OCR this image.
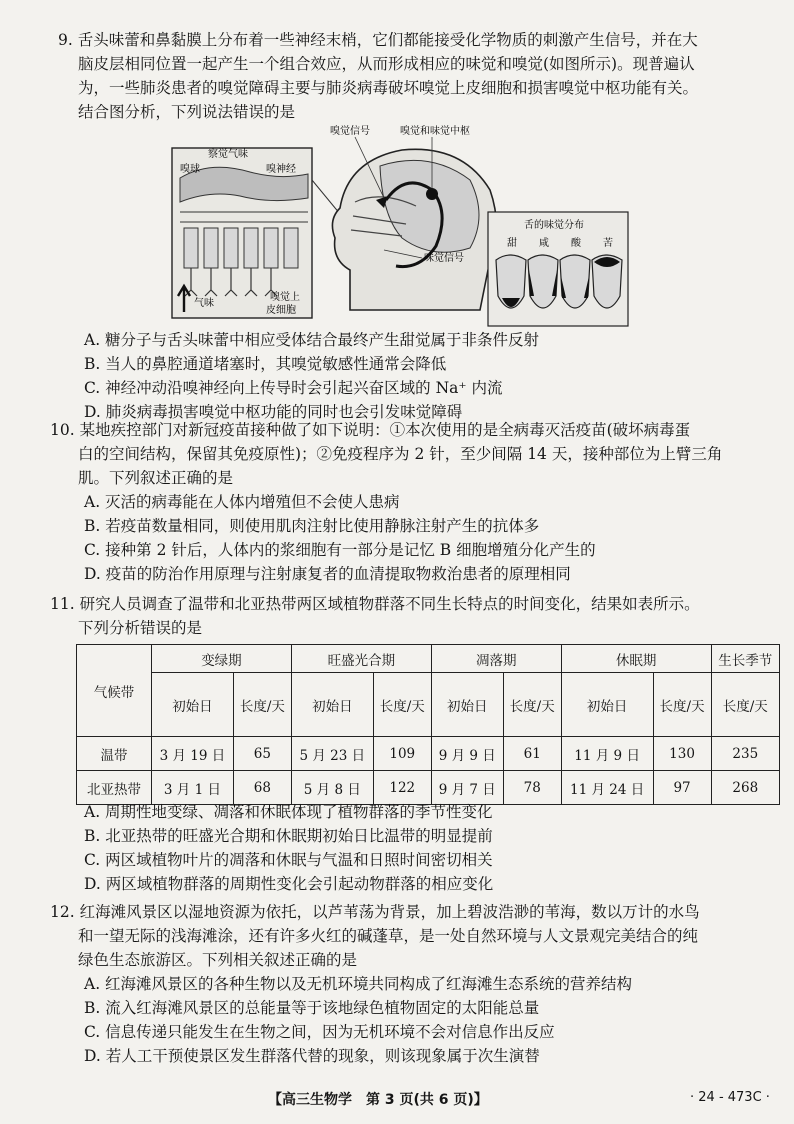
9. 舌头味蕾和鼻黏膜上分布着一些神经末梢，它们都能接受化学物质的刺激产生信号，并在大

脑皮层相同位置一起产生一个组合效应，从而形成相应的味觉和嗅觉(如图所示)。现普遍认

为，一些肺炎患者的嗅觉障碍主要与肺炎病毒破坏嗅觉上皮细胞和损害嗅觉中枢功能有关。

结合图分析，下列说法错误的是

察觉气味
嗅球	嗅神经
气味
嗅觉上
皮细胞
嗅觉信号	嗅觉和味觉中枢
味觉信号
舌的味觉分布
甜 咸 酸 苦

A. 糖分子与舌头味蕾中相应受体结合最终产生甜觉属于非条件反射

B. 当人的鼻腔通道堵塞时，其嗅觉敏感性通常会降低

C. 神经冲动沿嗅神经向上传导时会引起兴奋区域的 Na⁺ 内流

D. 肺炎病毒损害嗅觉中枢功能的同时也会引发味觉障碍

10. 某地疾控部门对新冠疫苗接种做了如下说明：①本次使用的是全病毒灭活疫苗(破坏病毒蛋

白的空间结构，保留其免疫原性)；②免疫程序为 2 针，至少间隔 14 天，接种部位为上臂三角

肌。下列叙述正确的是

A. 灭活的病毒能在人体内增殖但不会使人患病

B. 若疫苗数量相同，则使用肌肉注射比使用静脉注射产生的抗体多

C. 接种第 2 针后，人体内的浆细胞有一部分是记忆 B 细胞增殖分化产生的

D. 疫苗的防治作用原理与注射康复者的血清提取物救治患者的原理相同

11. 研究人员调查了温带和北亚热带两区域植物群落不同生长特点的时间变化，结果如表所示。

下列分析错误的是

气候带	变绿期		旺盛光合期		凋落期		休眠期		生长季节
	初始日	长度/天	初始日	长度/天	初始日	长度/天	初始日	长度/天	长度/天
温带	3 月 19 日	65	5 月 23 日	109	9 月 9 日	61	11 月 9 日	130	235
北亚热带	3 月 1 日	68	5 月 8 日	122	9 月 7 日	78	11 月 24 日	97	268

A. 周期性地变绿、凋落和休眠体现了植物群落的季节性变化

B. 北亚热带的旺盛光合期和休眠期初始日比温带的明显提前

C. 两区域植物叶片的凋落和休眠与气温和日照时间密切相关

D. 两区域植物群落的周期性变化会引起动物群落的相应变化

12. 红海滩风景区以湿地资源为依托，以芦苇荡为背景，加上碧波浩渺的苇海，数以万计的水鸟

和一望无际的浅海滩涂，还有许多火红的碱蓬草，是一处自然环境与人文景观完美结合的纯

绿色生态旅游区。下列相关叙述正确的是

A. 红海滩风景区的各种生物以及无机环境共同构成了红海滩生态系统的营养结构

B. 流入红海滩风景区的总能量等于该地绿色植物固定的太阳能总量

C. 信息传递只能发生在生物之间，因为无机环境不会对信息作出反应

D. 若人工干预使景区发生群落代替的现象，则该现象属于次生演替

【高三生物学　第 3 页(共 6 页)】	· 24 - 473C ·
